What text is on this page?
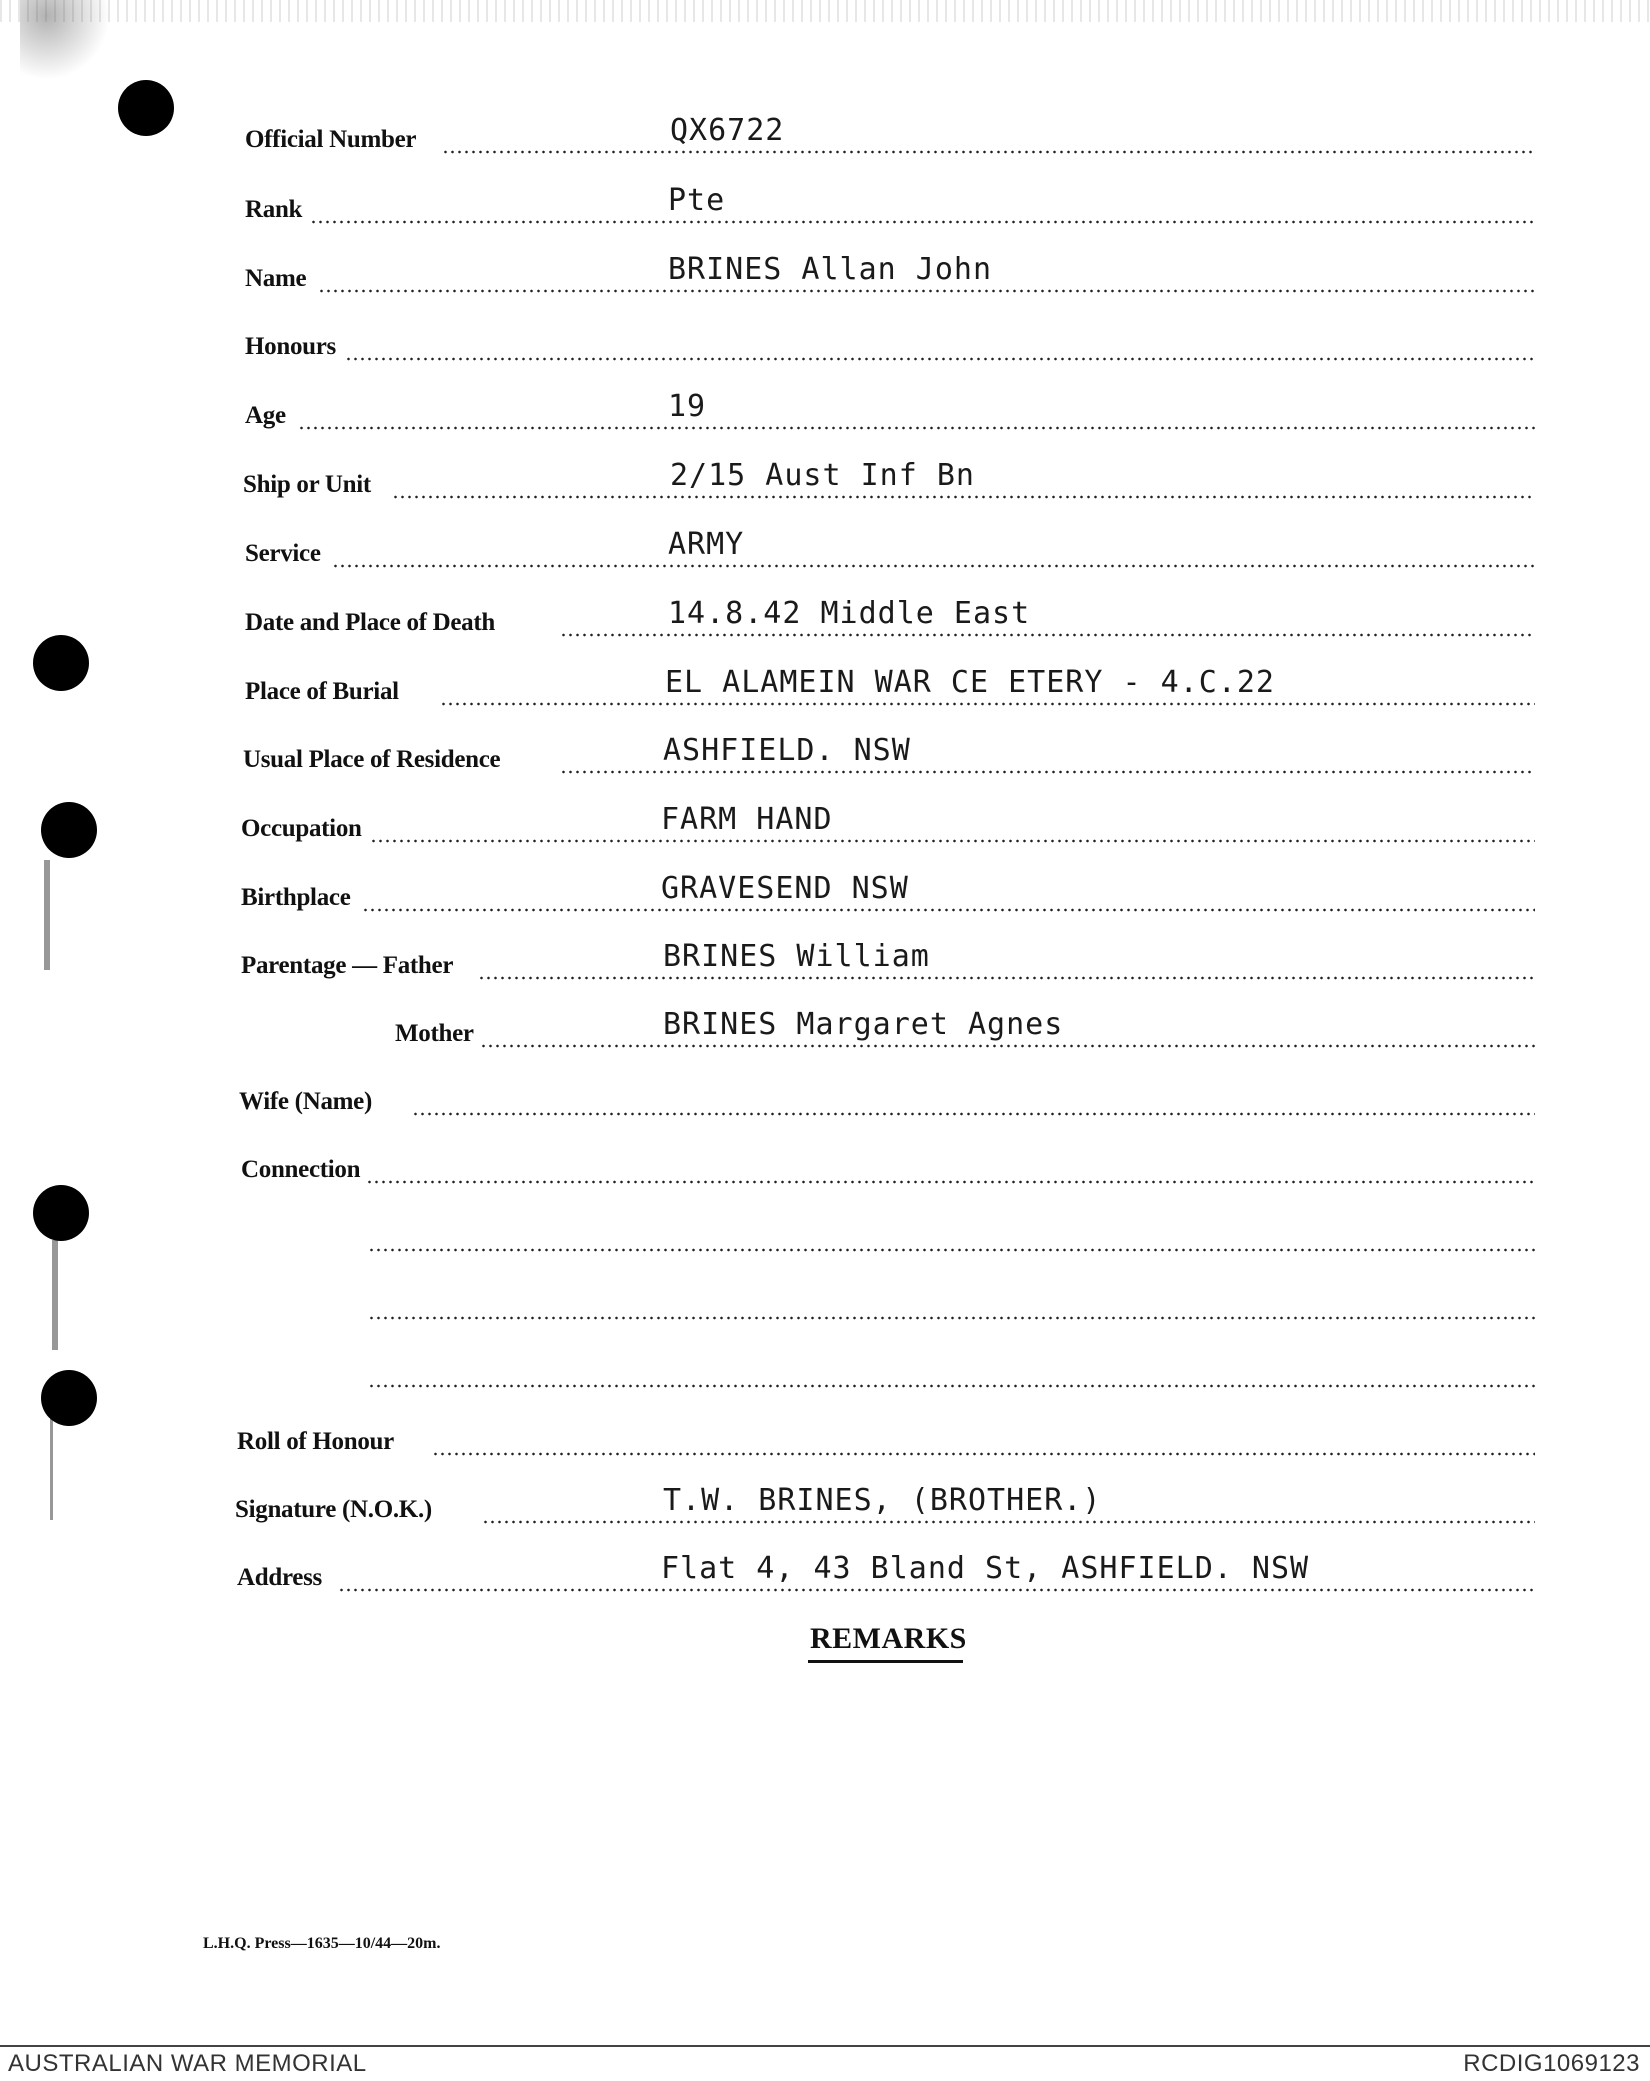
Official Number	QX6722
Rank	Pte
Name	BRINES Allan John
Honours
Age	19
Ship or Unit	2/15 Aust Inf Bn
Service	ARMY
Date and Place of Death	14.8.42 Middle East
Place of Burial	EL ALAMEIN WAR CE ETERY - 4.C.22
Usual Place of Residence	ASHFIELD. NSW
Occupation	FARM HAND
Birthplace	GRAVESEND NSW
Parentage — Father	BRINES William
Mother	BRINES Margaret Agnes
Wife (Name)
Connection
Roll of Honour
Signature (N.O.K.)	T.W. BRINES, (BROTHER.)
Address	Flat 4, 43 Bland St, ASHFIELD. NSW
REMARKS
L.H.Q. Press—1635—10/44—20m.
AUSTRALIAN WAR MEMORIAL	RCDIG1069123
